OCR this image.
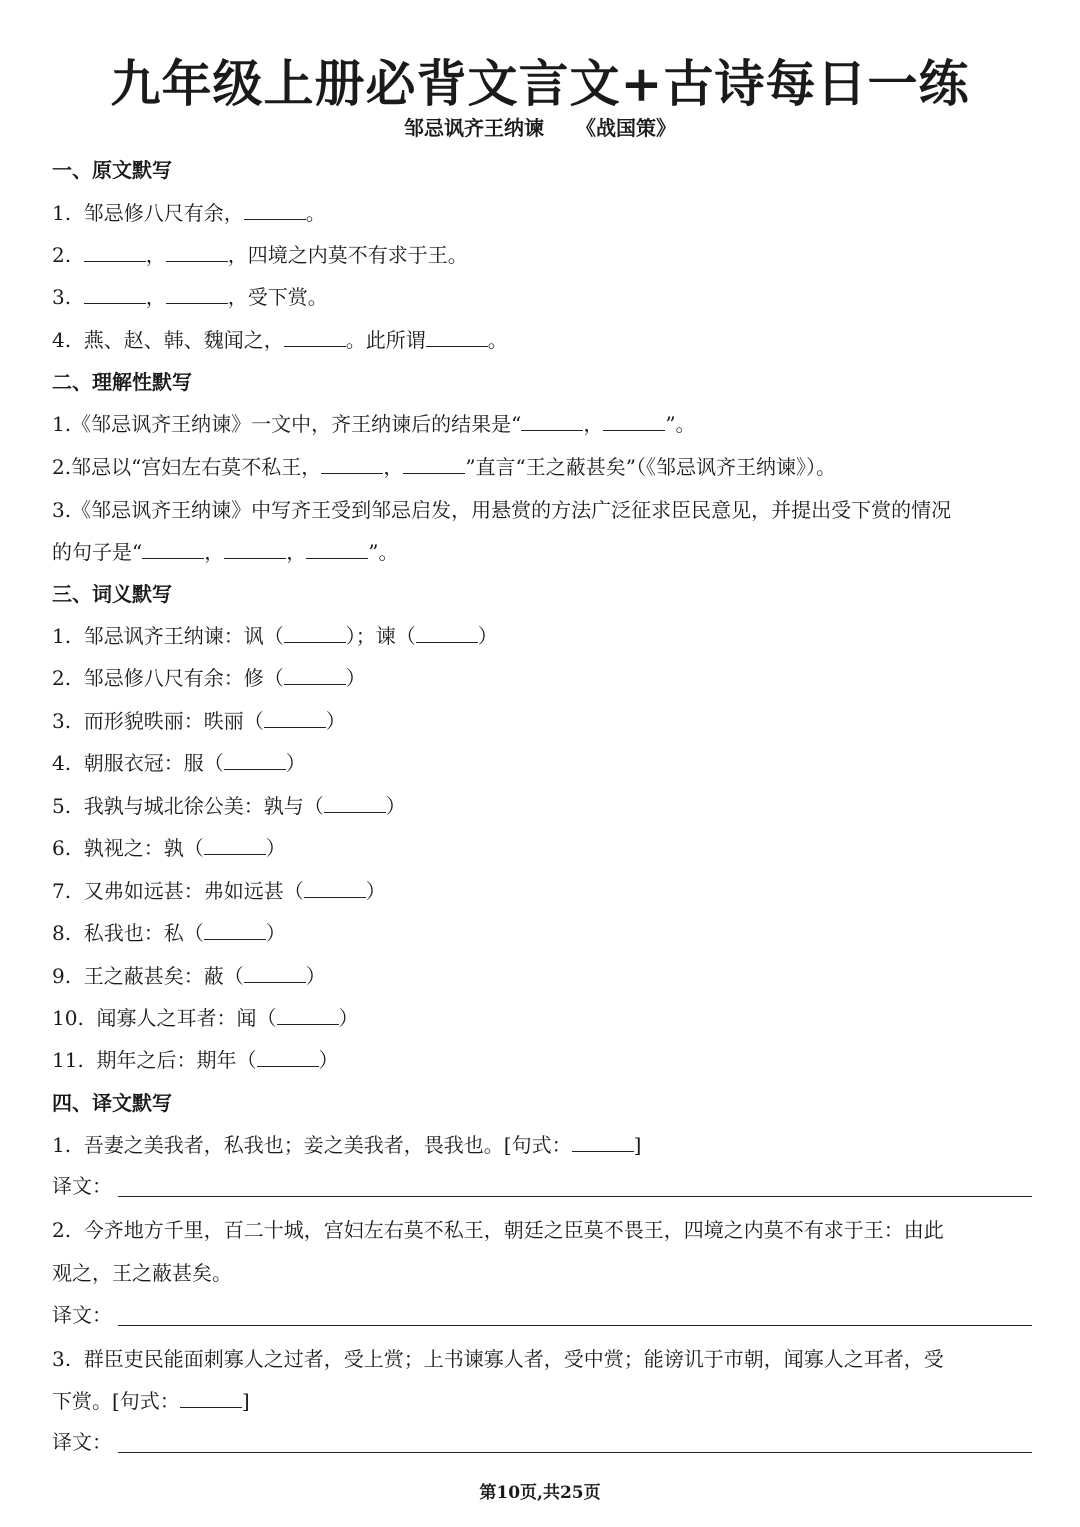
九年级上册必背文言文+古诗每日一练
邹忌讽齐王纳谏 《战国策》
一、原文默写
1.  邹忌修八尺有余，	。
2.	，	，四境之内莫不有求于王。
3.	，	，受下赏。
4.  燕、赵、韩、魏闻之，	。此所谓	。
二、理解性默写
1.《邹忌讽齐王纳谏》一文中，齐王纳谏后的结果是“	，	”。
2.邹忌以“宫妇左右莫不私王，	，	”直言“王之蔽甚矣”（《邹忌讽齐王纳谏》）。
3.《邹忌讽齐王纳谏》中写齐王受到邹忌启发，用悬赏的方法广泛征求臣民意见，并提出受下赏的情况
的句子是“	，	，	”。
三、词义默写
1.  邹忌讽齐王纳谏：讽（	）；谏（	）
2.  邹忌修八尺有余：修（	）
3.  而形貌昳丽：昳丽（	）
4.  朝服衣冠：服（	）
5.  我孰与城北徐公美：孰与（	）
6.  孰视之：孰（	）
7.  又弗如远甚：弗如远甚（	）
8.  私我也：私（	）
9.  王之蔽甚矣：蔽（	）
10.  闻寡人之耳者：闻（	）
11.  期年之后：期年（	）
四、译文默写
1.  吾妻之美我者，私我也；妾之美我者，畏我也。[句式：	]
译文：
2.  今齐地方千里，百二十城，宫妇左右莫不私王，朝廷之臣莫不畏王，四境之内莫不有求于王：由此
观之，王之蔽甚矣。
译文：
3.  群臣吏民能面刺寡人之过者，受上赏；上书谏寡人者，受中赏；能谤讥于市朝，闻寡人之耳者，受
下赏。[句式：	]
译文：
第10页,共25页
